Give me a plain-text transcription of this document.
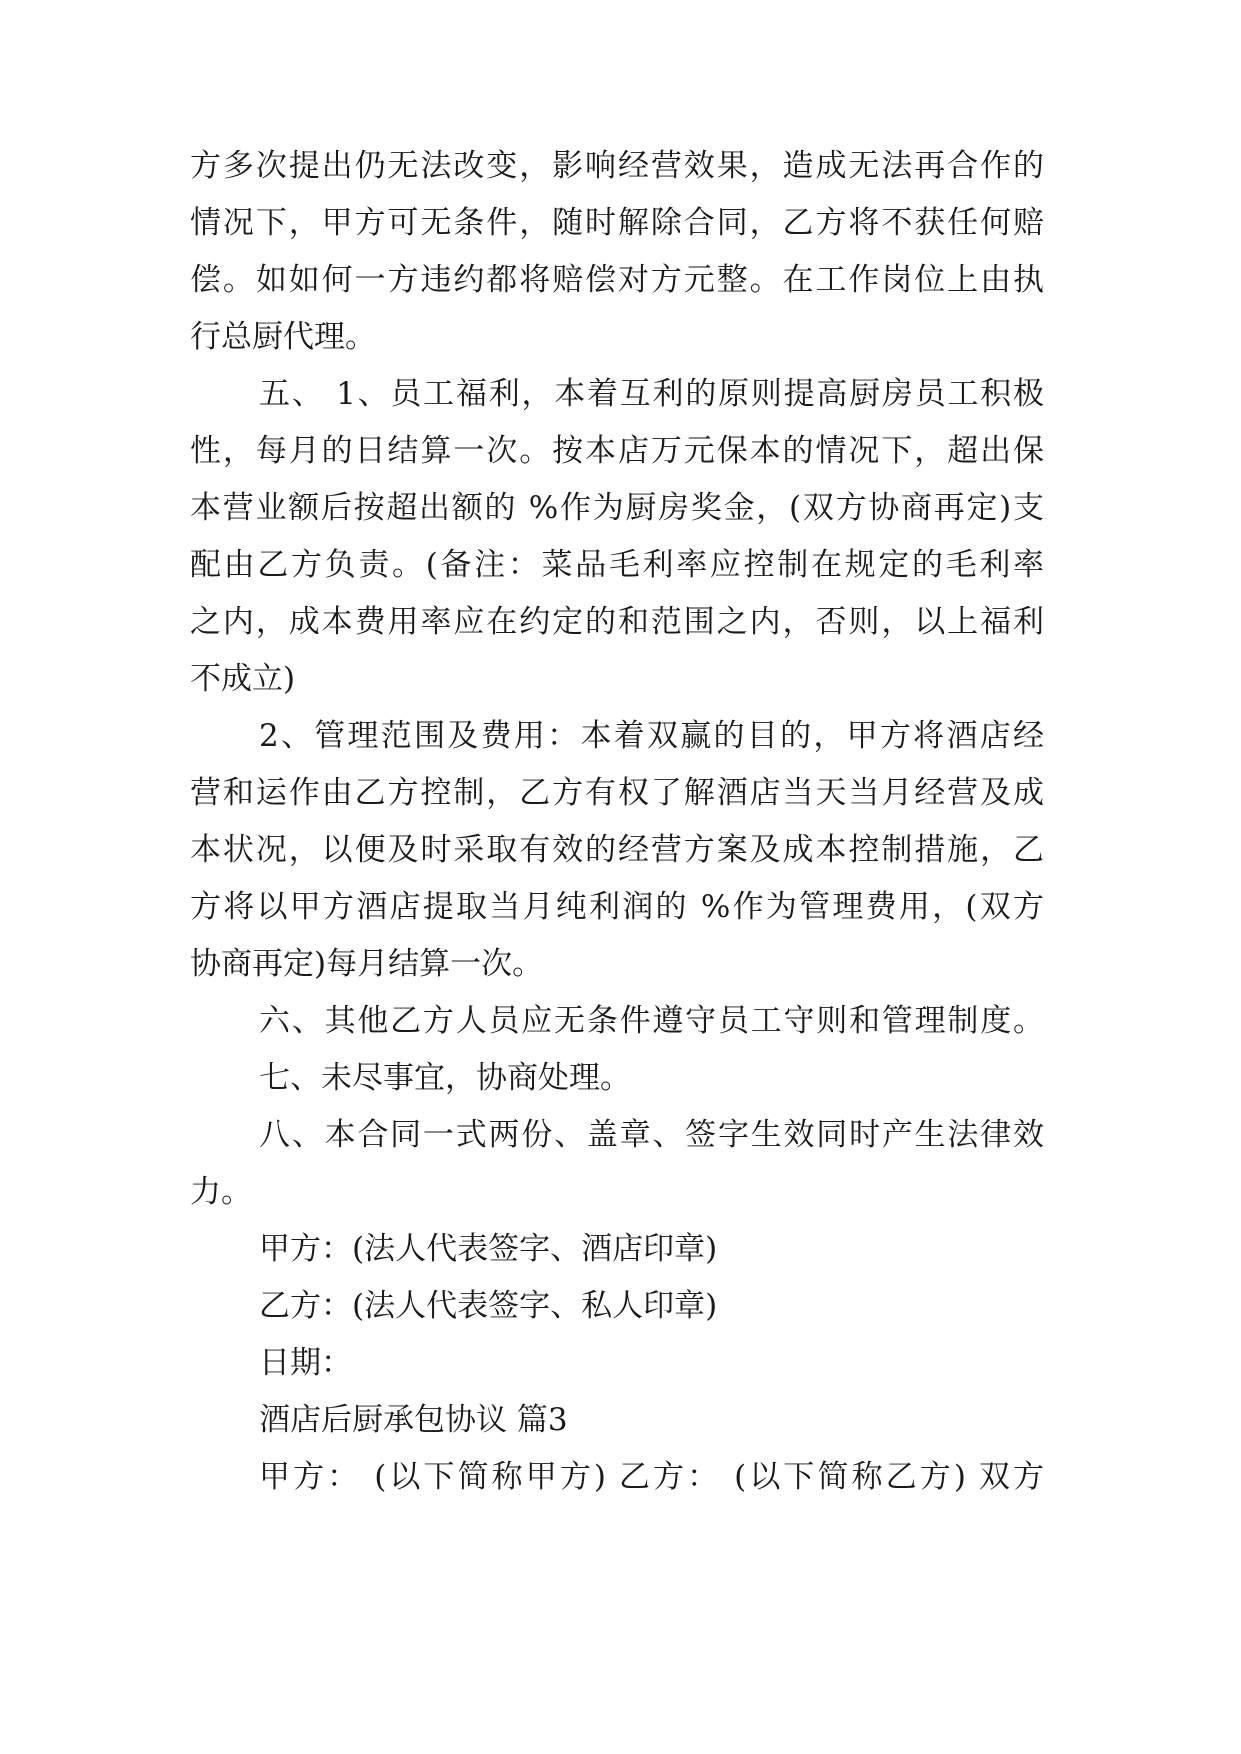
方多次提出仍无法改变，影响经营效果，造成无法再合作的
情况下，甲方可无条件，随时解除合同，乙方将不获任何赔
偿。如如何一方违约都将赔偿对方元整。在工作岗位上由执
行总厨代理。
五、 1、员工福利，本着互利的原则提高厨房员工积极
性，每月的日结算一次。按本店万元保本的情况下，超出保
本营业额后按超出额的 %作为厨房奖金，(双方协商再定)支
配由乙方负责。(备注：菜品毛利率应控制在规定的毛利率
之内，成本费用率应在约定的和范围之内，否则，以上福利
不成立)
2、管理范围及费用：本着双赢的目的，甲方将酒店经
营和运作由乙方控制，乙方有权了解酒店当天当月经营及成
本状况，以便及时采取有效的经营方案及成本控制措施，乙
方将以甲方酒店提取当月纯利润的 %作为管理费用，(双方
协商再定)每月结算一次。
六、其他乙方人员应无条件遵守员工守则和管理制度。
七、未尽事宜，协商处理。
八、本合同一式两份、盖章、签字生效同时产生法律效
力。
甲方：(法人代表签字、酒店印章)
乙方：(法人代表签字、私人印章)
日期：
酒店后厨承包协议 篇3
甲方： (以下简称甲方) 乙方： (以下简称乙方) 双方
